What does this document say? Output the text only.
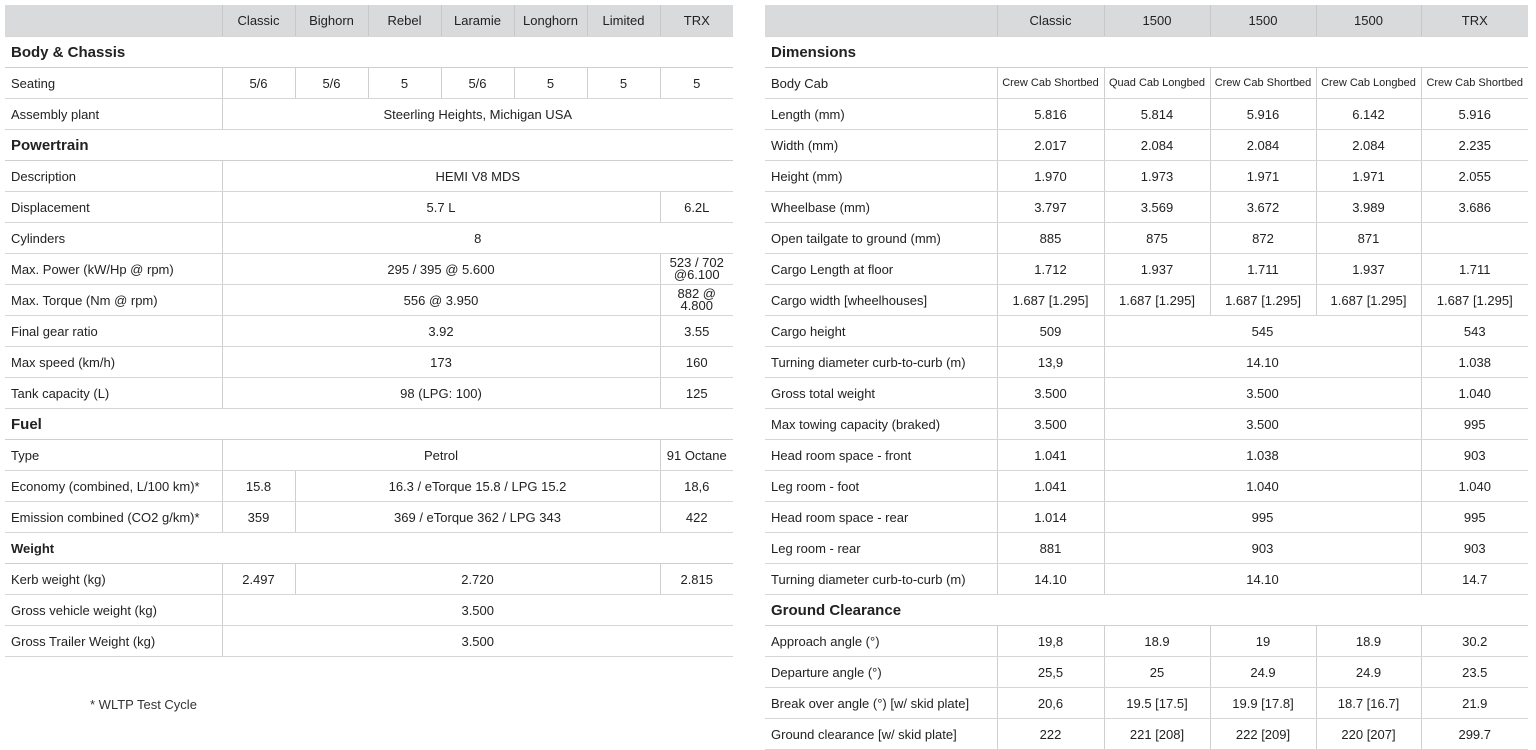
	Classic	Bighorn	Rebel	Laramie	Longhorn	Limited	TRX
Body & Chassis							
Seating	5/6	5/6	5	5/6	5	5	5
Assembly plant	Steerling Heights, Michigan USA						
Powertrain							
Description	HEMI V8 MDS						
Displacement	5.7 L						6.2L
Cylinders	8						
Max. Power (kW/Hp @ rpm)	295 / 395 @ 5.600						523 / 702 @6.100
Max. Torque (Nm @ rpm)	556 @ 3.950						882 @ 4.800
Final gear ratio	3.92						3.55
Max speed (km/h)	173						160
Tank capacity (L)	98 (LPG: 100)						125
Fuel							
Type	Petrol						91 Octane
Economy (combined, L/100 km)*	15.8	16.3 / eTorque 15.8 / LPG 15.2					18,6
Emission combined (CO2 g/km)*	359	369 / eTorque 362 / LPG 343					422
Weight							
Kerb weight (kg)	2.497	2.720					2.815
Gross vehicle weight (kg)	3.500						
Gross Trailer Weight (kg)	3.500						
* WLTP Test Cycle
	Classic	1500	1500	1500	TRX
Dimensions					
Body Cab	Crew Cab Shortbed	Quad Cab Longbed	Crew Cab Shortbed	Crew Cab Longbed	Crew Cab Shortbed
Length (mm)	5.816	5.814	5.916	6.142	5.916
Width (mm)	2.017	2.084	2.084	2.084	2.235
Height (mm)	1.970	1.973	1.971	1.971	2.055
Wheelbase (mm)	3.797	3.569	3.672	3.989	3.686
Open tailgate to ground (mm)	885	875	872	871	
Cargo Length at floor	1.712	1.937	1.711	1.937	1.711
Cargo width [wheelhouses]	1.687 [1.295]	1.687 [1.295]	1.687 [1.295]	1.687 [1.295]	1.687 [1.295]
Cargo height	509	545			543
Turning diameter curb-to-curb (m)	13,9	14.10			1.038
Gross total weight	3.500	3.500			1.040
Max towing capacity (braked)	3.500	3.500			995
Head room space - front	1.041	1.038			903
Leg room - foot	1.041	1.040			1.040
Head room space - rear	1.014	995			995
Leg room - rear	881	903			903
Turning diameter curb-to-curb (m)	14.10	14.10			14.7
Ground Clearance					
Approach angle (°)	19,8	18.9	19	18.9	30.2
Departure angle (°)	25,5	25	24.9	24.9	23.5
Break over angle (°) [w/ skid plate]	20,6	19.5 [17.5]	19.9 [17.8]	18.7 [16.7]	21.9
Ground clearance [w/ skid plate]	222	221 [208]	222 [209]	220 [207]	299.7
